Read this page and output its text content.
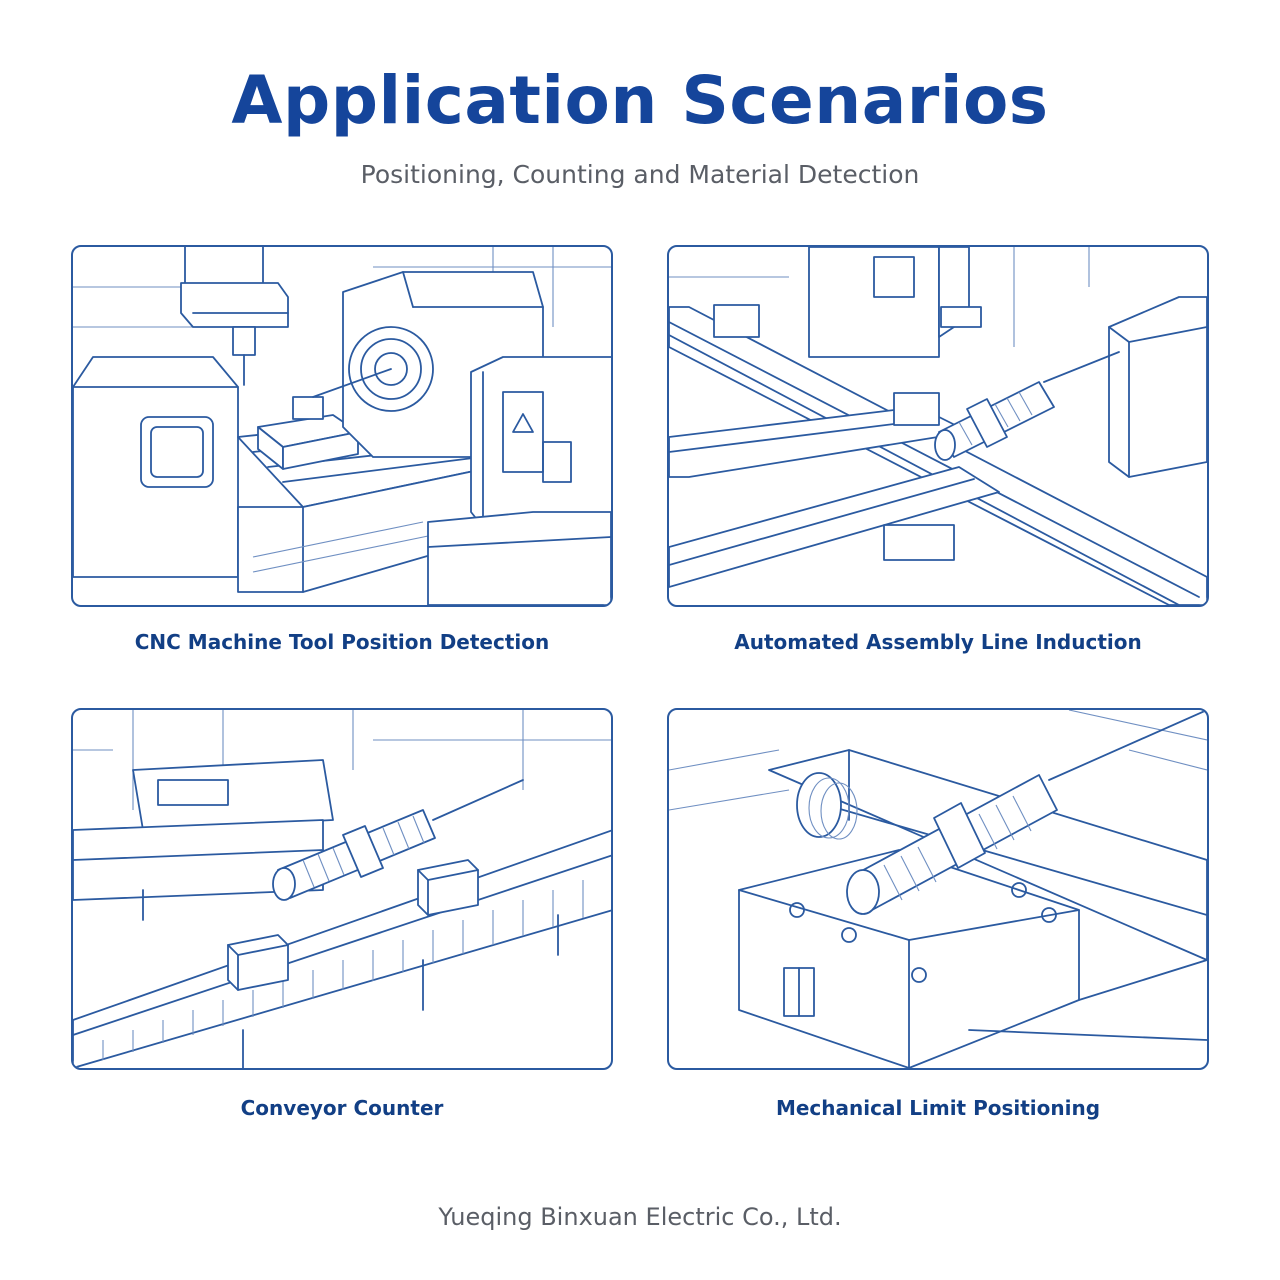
Application Scenarios
Positioning, Counting and Material Detection
CNC Machine Tool Position Detection	Automated Assembly Line Induction
Conveyor Counter	Mechanical Limit Positioning
Yueqing Binxuan Electric Co., Ltd.
